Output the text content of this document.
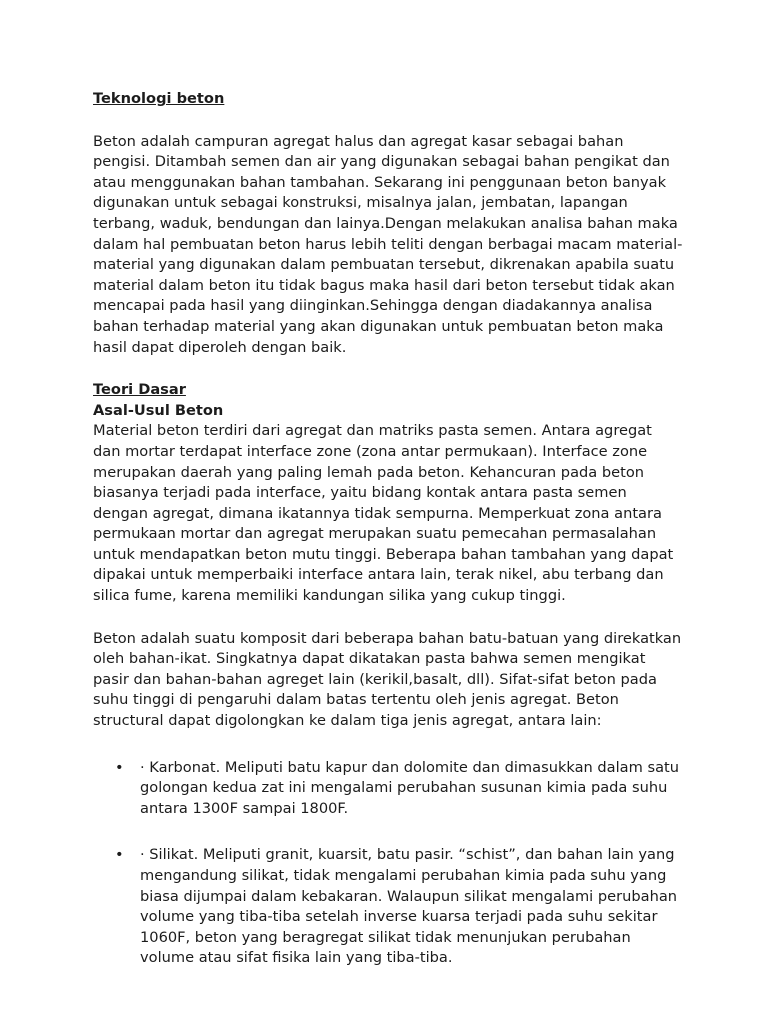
Teknologi beton

Beton adalah campuran agregat halus dan agregat kasar sebagai bahan pengisi. Ditambah semen dan air yang digunakan sebagai bahan pengikat dan atau menggunakan bahan tambahan. Sekarang ini penggunaan beton banyak digunakan untuk sebagai konstruksi, misalnya jalan, jembatan, lapangan terbang, waduk, bendungan dan lainya.Dengan melakukan analisa bahan maka dalam hal pembuatan beton harus lebih teliti dengan berbagai macam material-material yang digunakan dalam pembuatan tersebut, dikrenakan apabila suatu material dalam beton itu tidak bagus maka hasil dari beton tersebut tidak akan mencapai pada hasil yang diinginkan.Sehingga dengan diadakannya analisa bahan terhadap material yang akan digunakan untuk pembuatan beton maka hasil dapat diperoleh dengan baik.

Teori Dasar

Asal-Usul Beton

Material beton terdiri dari agregat dan matriks pasta semen. Antara agregat dan mortar terdapat interface zone (zona antar permukaan). Interface zone merupakan daerah yang paling lemah pada beton. Kehancuran pada beton biasanya terjadi pada interface, yaitu bidang kontak antara pasta semen dengan agregat, dimana ikatannya tidak sempurna. Memperkuat zona antara permukaan mortar dan agregat merupakan suatu pemecahan permasalahan untuk mendapatkan beton mutu tinggi. Beberapa bahan tambahan yang dapat dipakai untuk memperbaiki interface antara lain, terak nikel, abu terbang dan silica fume, karena memiliki kandungan silika yang cukup tinggi.

Beton adalah suatu komposit dari beberapa bahan batu-batuan yang direkatkan oleh bahan-ikat. Singkatnya dapat dikatakan pasta bahwa semen mengikat pasir dan bahan-bahan agreget lain (kerikil,basalt, dll). Sifat-sifat beton pada suhu tinggi di pengaruhi dalam batas tertentu oleh jenis agregat. Beton structural dapat digolongkan ke dalam tiga jenis agregat, antara lain:

• · Karbonat. Meliputi batu kapur dan dolomite dan dimasukkan dalam satu golongan kedua zat ini mengalami perubahan susunan kimia pada suhu antara 1300F sampai 1800F.
• · Silikat. Meliputi granit, kuarsit, batu pasir. “schist”, dan bahan lain yang mengandung silikat, tidak mengalami perubahan kimia pada suhu yang biasa dijumpai dalam kebakaran. Walaupun silikat mengalami perubahan volume yang tiba-tiba setelah inverse kuarsa terjadi pada suhu sekitar 1060F, beton yang beragregat silikat tidak menunjukan perubahan volume atau sifat fisika lain yang tiba-tiba.
